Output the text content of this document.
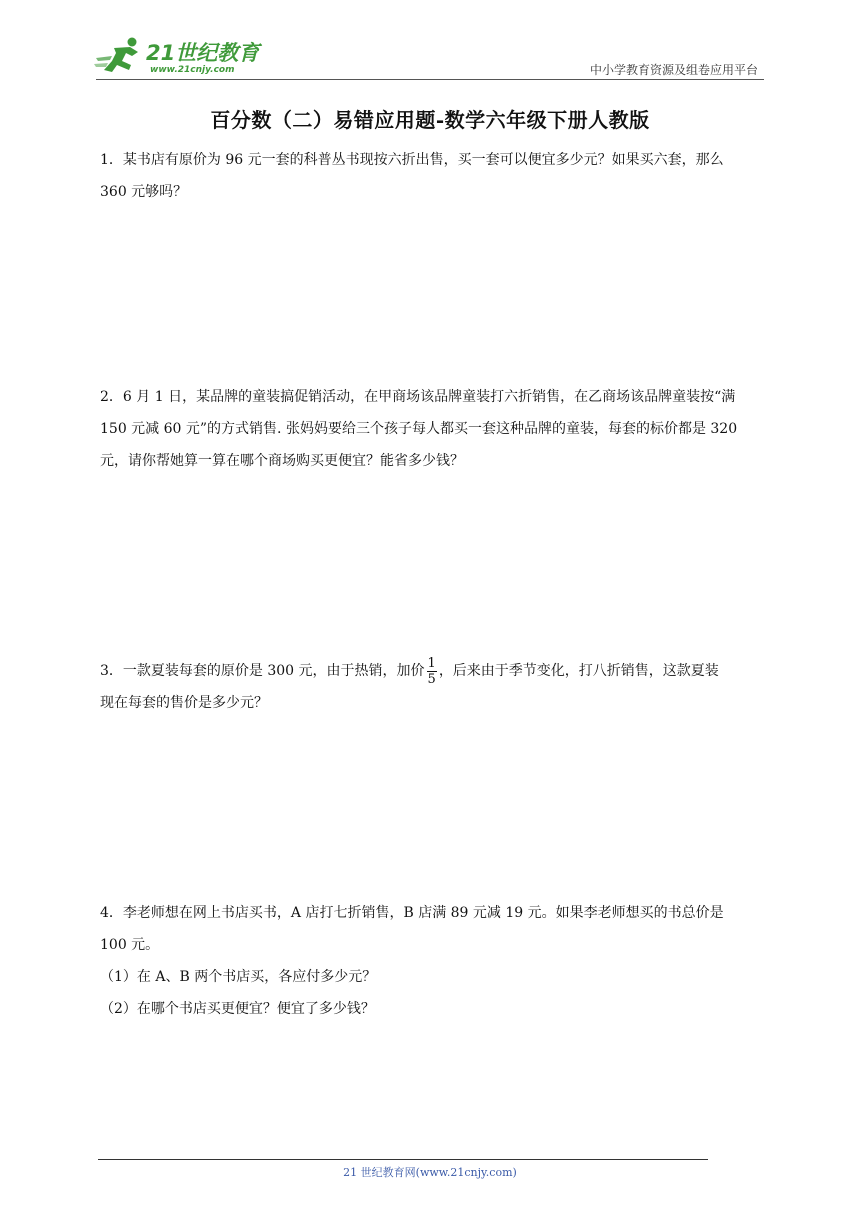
21世纪教育
www.21cnjy.com	中小学教育资源及组卷应用平台
百分数（二）易错应用题-数学六年级下册人教版

1．某书店有原价为 96 元一套的科普丛书现按六折出售，买一套可以便宜多少元？如果买六套，那么

360 元够吗？

2．6 月 1 日，某品牌的童装搞促销活动，在甲商场该品牌童装打六折销售，在乙商场该品牌童装按“满

150 元减 60 元”的方式销售. 张妈妈要给三个孩子每人都买一套这种品牌的童装，每套的标价都是 320

元，请你帮她算一算在哪个商场购买更便宜？能省多少钱？

3．一款夏装每套的原价是 300 元，由于热销，加价 $\frac{1}{5}$ ，后来由于季节变化，打八折销售，这款夏装

现在每套的售价是多少元？

4．李老师想在网上书店买书，A 店打七折销售，B 店满 89 元减 19 元。如果李老师想买的书总价是

100 元。

（1）在 A、B 两个书店买，各应付多少元？

（2）在哪个书店买更便宜？便宜了多少钱？

21 世纪教育网(www.21cnjy.com)
